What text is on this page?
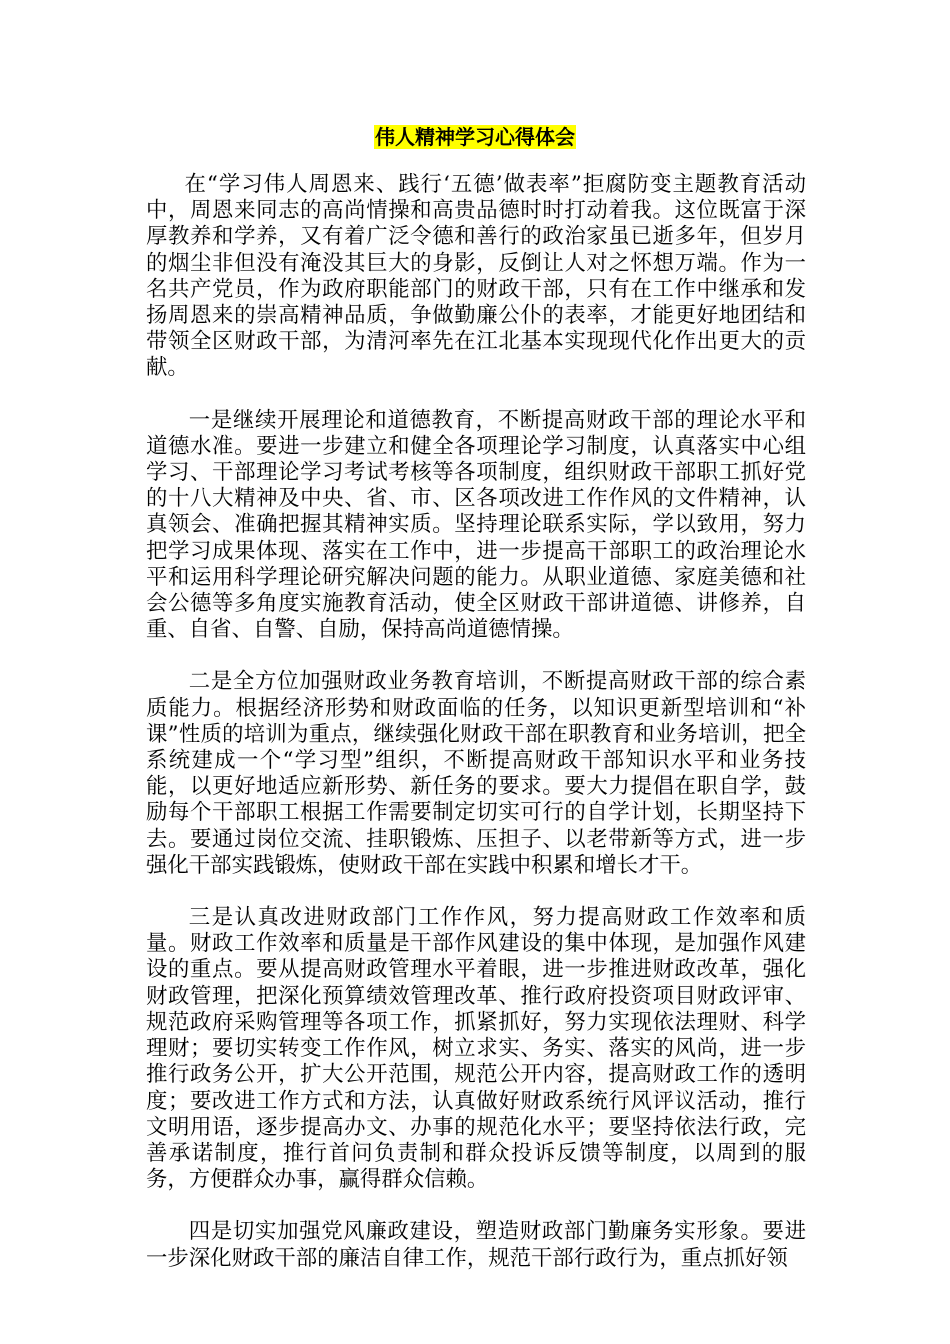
伟人精神学习心得体会

在“学习伟人周恩来、践行‘五德’做表率”拒腐防变主题教育活动中，周恩来同志的高尚情操和高贵品德时时打动着我。这位既富于深厚教养和学养，又有着广泛令德和善行的政治家虽已逝多年，但岁月的烟尘非但没有淹没其巨大的身影，反倒让人对之怀想万端。作为一名共产党员，作为政府职能部门的财政干部，只有在工作中继承和发扬周恩来的崇高精神品质，争做勤廉公仆的表率，才能更好地团结和带领全区财政干部，为清河率先在江北基本实现现代化作出更大的贡献。

一是继续开展理论和道德教育，不断提高财政干部的理论水平和道德水准。要进一步建立和健全各项理论学习制度，认真落实中心组学习、干部理论学习考试考核等各项制度，组织财政干部职工抓好党的十八大精神及中央、省、市、区各项改进工作作风的文件精神，认真领会、准确把握其精神实质。坚持理论联系实际，学以致用，努力把学习成果体现、落实在工作中，进一步提高干部职工的政治理论水平和运用科学理论研究解决问题的能力。从职业道德、家庭美德和社会公德等多角度实施教育活动，使全区财政干部讲道德、讲修养，自重、自省、自警、自励，保持高尚道德情操。

二是全方位加强财政业务教育培训，不断提高财政干部的综合素质能力。根据经济形势和财政面临的任务，以知识更新型培训和“补课”性质的培训为重点，继续强化财政干部在职教育和业务培训，把全系统建成一个“学习型”组织，不断提高财政干部知识水平和业务技能，以更好地适应新形势、新任务的要求。要大力提倡在职自学，鼓励每个干部职工根据工作需要制定切实可行的自学计划，长期坚持下去。要通过岗位交流、挂职锻炼、压担子、以老带新等方式，进一步强化干部实践锻炼，使财政干部在实践中积累和增长才干。

三是认真改进财政部门工作作风，努力提高财政工作效率和质量。财政工作效率和质量是干部作风建设的集中体现，是加强作风建设的重点。要从提高财政管理水平着眼，进一步推进财政改革，强化财政管理，把深化预算绩效管理改革、推行政府投资项目财政评审、规范政府采购管理等各项工作，抓紧抓好，努力实现依法理财、科学理财；要切实转变工作作风，树立求实、务实、落实的风尚，进一步推行政务公开，扩大公开范围，规范公开内容，提高财政工作的透明度；要改进工作方式和方法，认真做好财政系统行风评议活动，推行文明用语，逐步提高办文、办事的规范化水平；要坚持依法行政，完善承诺制度，推行首问负责制和群众投诉反馈等制度，以周到的服务，方便群众办事，赢得群众信赖。

四是切实加强党风廉政建设，塑造财政部门勤廉务实形象。要进一步深化财政干部的廉洁自律工作，规范干部行政行为，重点抓好领
